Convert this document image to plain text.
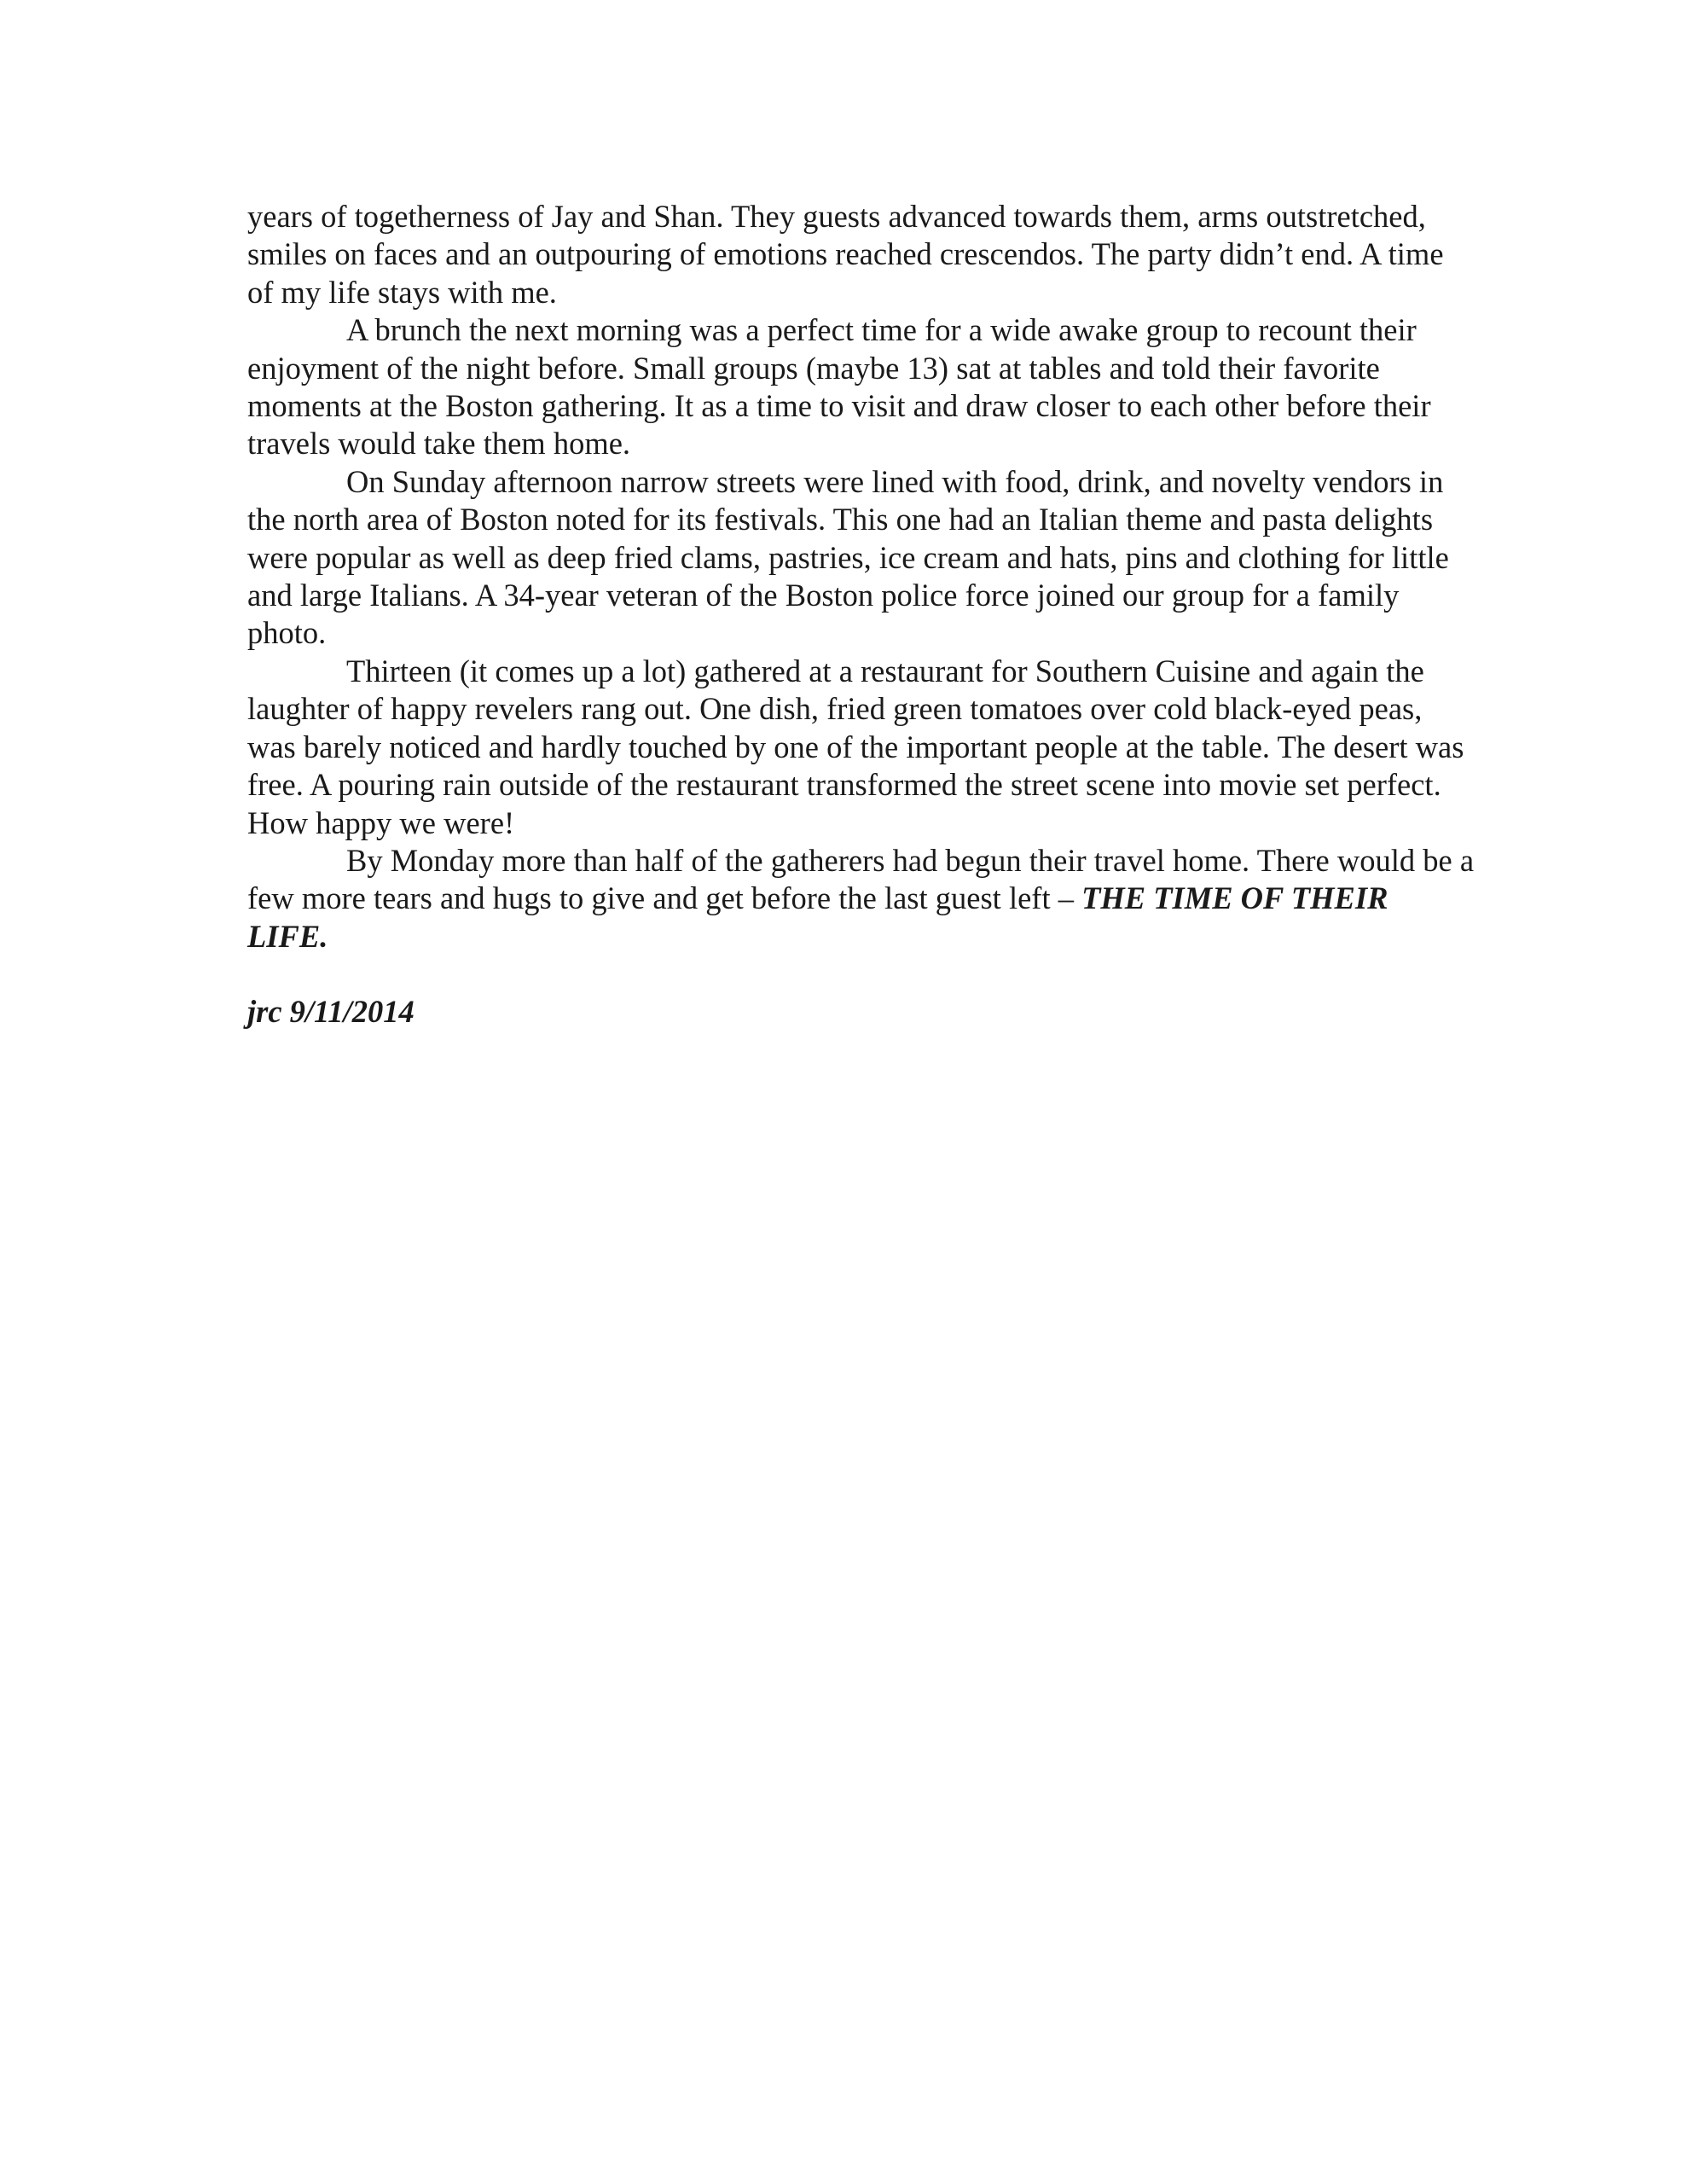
years of togetherness of Jay and Shan. They guests advanced towards them, arms outstretched, smiles on faces and an outpouring of emotions reached crescendos. The party didn’t end. A time of my life stays with me.

A brunch the next morning was a perfect time for a wide awake group to recount their enjoyment of the night before. Small groups (maybe 13) sat at tables and told their favorite moments at the Boston gathering. It as a time to visit and draw closer to each other before their travels would take them home.

On Sunday afternoon narrow streets were lined with food, drink, and novelty vendors in the north area of Boston noted for its festivals. This one had an Italian theme and pasta delights were popular as well as deep fried clams, pastries, ice cream and hats, pins and clothing for little and large Italians. A 34-year veteran of the Boston police force joined our group for a family photo.

Thirteen (it comes up a lot) gathered at a restaurant for Southern Cuisine and again the laughter of happy revelers rang out. One dish, fried green tomatoes over cold black-eyed peas, was barely noticed and hardly touched by one of the important people at the table. The desert was free. A pouring rain outside of the restaurant transformed the street scene into movie set perfect. How happy we were!

By Monday more than half of the gatherers had begun their travel home. There would be a few more tears and hugs to give and get before the last guest left – THE TIME OF THEIR LIFE.

jrc 9/11/2014
